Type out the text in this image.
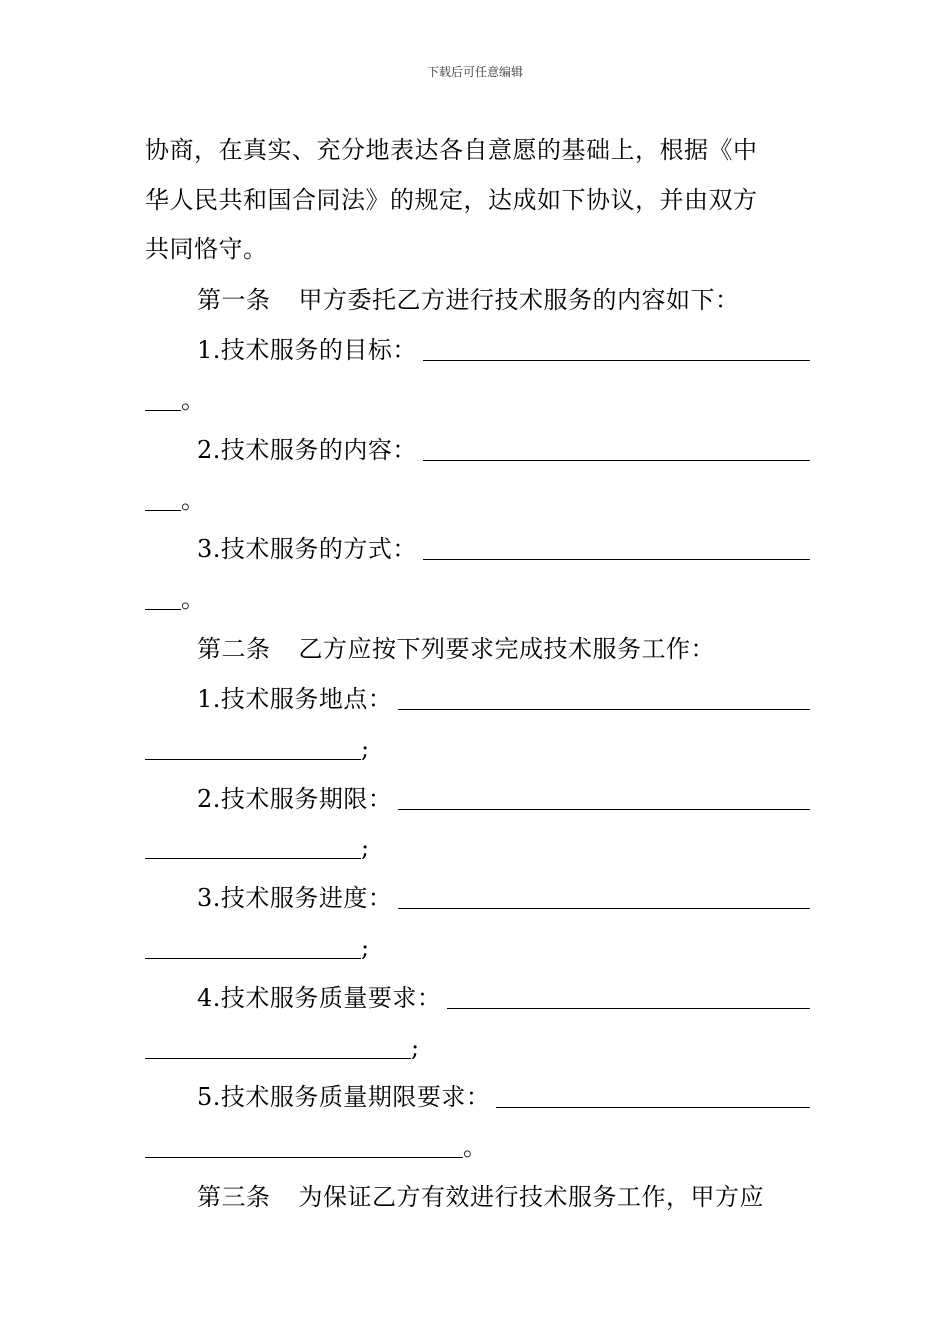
下载后可任意编辑
协商，在真实、充分地表达各自意愿的基础上，根据《中
华人民共和国合同法》的规定，达成如下协议，并由双方
共同恪守。
第一条 甲方委托乙方进行技术服务的内容如下：
1.技术服务的目标：
。
2.技术服务的内容：
。
3.技术服务的方式：
。
第二条 乙方应按下列要求完成技术服务工作：
1.技术服务地点：
;
2.技术服务期限：
;
3.技术服务进度：
;
4.技术服务质量要求：
;
5.技术服务质量期限要求：
。
第三条 为保证乙方有效进行技术服务工作，甲方应
